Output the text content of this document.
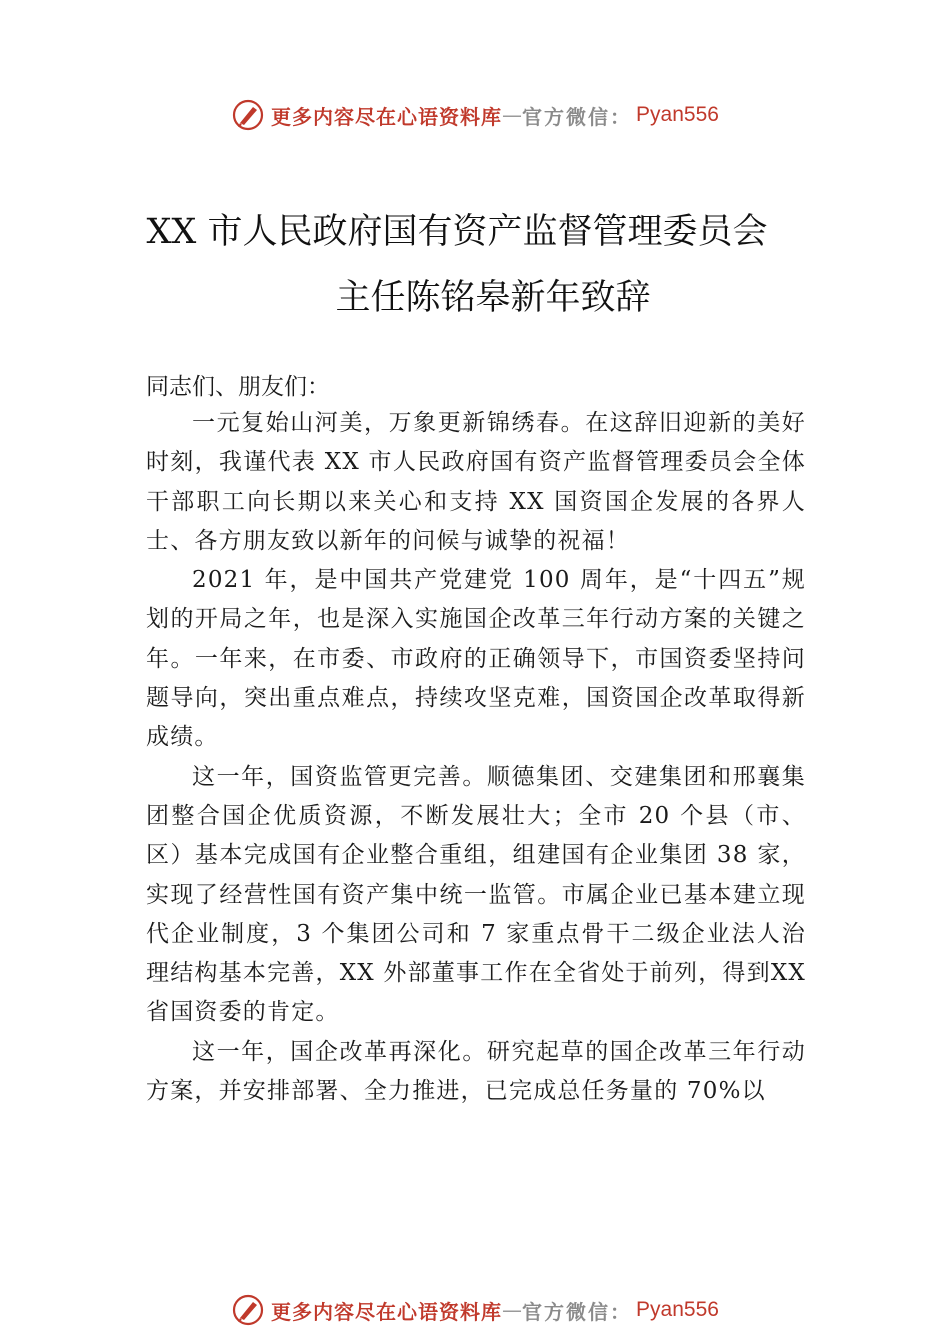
更多内容尽在心语资料库 — 官方微信： Pyan556
XX 市人民政府国有资产监督管理委员会
主任陈铭皋新年致辞

同志们、朋友们：

一元复始山河美，万象更新锦绣春。在这辞旧迎新的美好时刻，我谨代表 XX 市人民政府国有资产监督管理委员会全体干部职工向长期以来关心和支持 XX 国资国企发展的各界人士、各方朋友致以新年的问候与诚挚的祝福！

2021 年，是中国共产党建党 100 周年，是“十四五”规划的开局之年，也是深入实施国企改革三年行动方案的关键之年。一年来，在市委、市政府的正确领导下，市国资委坚持问题导向，突出重点难点，持续攻坚克难，国资国企改革取得新成绩。

这一年，国资监管更完善。顺德集团、交建集团和邢襄集团整合国企优质资源，不断发展壮大；全市 20 个县（市、区）基本完成国有企业整合重组，组建国有企业集团 38 家，实现了经营性国有资产集中统一监管。市属企业已基本建立现代企业制度，3 个集团公司和 7 家重点骨干二级企业法人治理结构基本完善，XX 外部董事工作在全省处于前列，得到XX 省国资委的肯定。

这一年，国企改革再深化。研究起草的国企改革三年行动方案，并安排部署、全力推进，已完成总任务量的 70%以

更多内容尽在心语资料库 — 官方微信： Pyan556
